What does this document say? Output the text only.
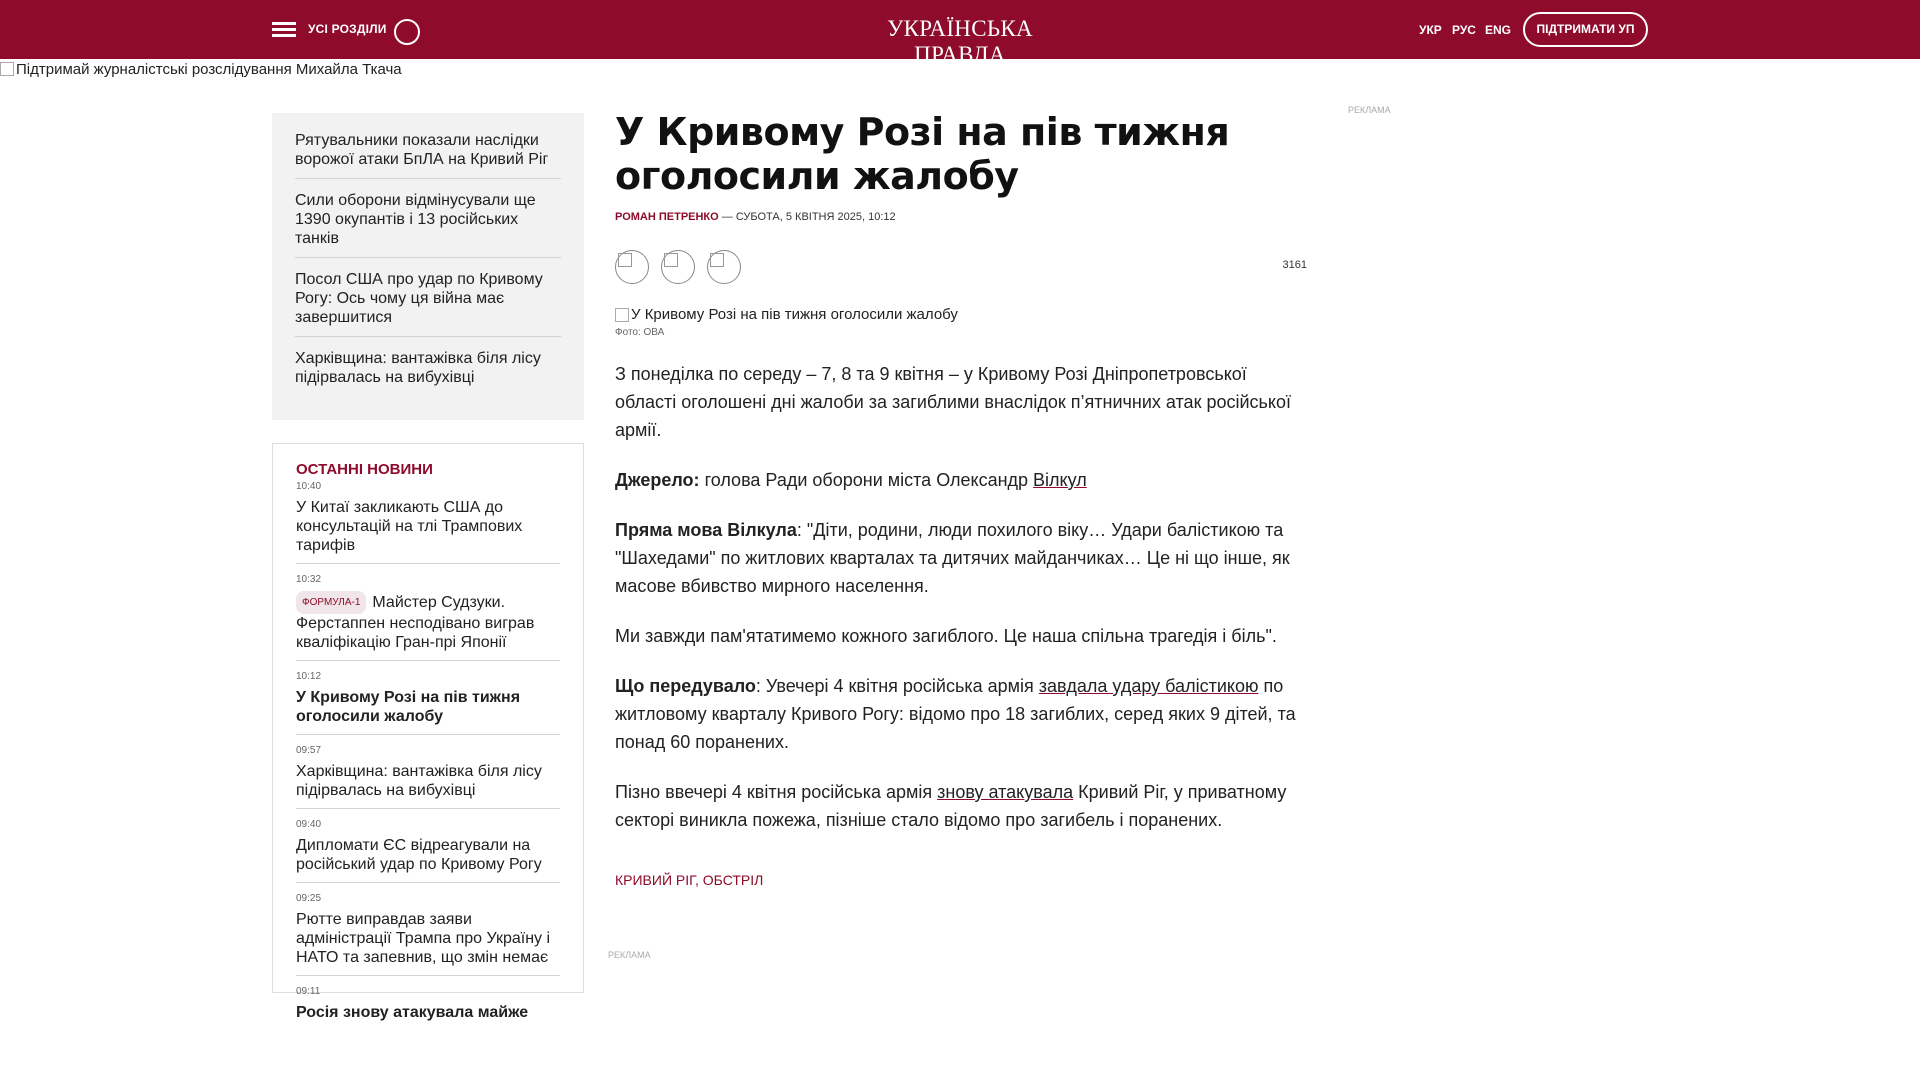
УСІ РОЗДІЛИ	УКРАЇНСЬКА ПРАВДА
УКР РУС ENG	ПІДТРИМАТИ УП
Підтримай журналістські розслідування Михайла Ткача
Рятувальники показали наслідки ворожої атаки БпЛА на Кривий Ріг
Сили оборони відмінусували ще 1390 окупантів і 13 російських танків
Посол США про удар по Кривому Рогу: Ось чому ця війна має завершитися
Харківщина: вантажівка біля лісу підірвалась на вибухівці
ОСТАННІ НОВИНИ
10:40
У Китаї закликають США до консультацій на тлі Трампових тарифів
10:32
ФОРМУЛА-1 Майстер Судзуки. Ферстаппен несподівано виграв кваліфікацію Гран-прі Японії
10:12
У Кривому Розі на пів тижня оголосили жалобу
09:57
Харківщина: вантажівка біля лісу підірвалась на вибухівці
09:40
Дипломати ЄС відреагували на російський удар по Кривому Рогу
09:25
Рютте виправдав заяви адміністрації Трампа про Україну і НАТО та запевнив, що змін немає
09:11
Росія знову атакувала майже
У Кривому Розі на пів тижня оголосили жалобу
РОМАН ПЕТРЕНКО — СУБОТА, 5 КВІТНЯ 2025, 10:12
3161
У Кривому Розі на пів тижня оголосили жалобу
Фото: ОВА

З понеділка по середу – 7, 8 та 9 квітня – у Кривому Розі Дніпропетровської області оголошені дні жалоби за загиблими внаслідок п’ятничних атак російської армії.

Джерело: голова Ради оборони міста Олександр Вілкул

Пряма мова Вілкула: "Діти, родини, люди похилого віку… Удари балістикою та "Шахедами" по житлових кварталах та дитячих майданчиках… Це ні що інше, як масове вбивство мирного населення.

Ми завжди пам'ятатимемо кожного загиблого. Це наша спільна трагедія і біль".

Що передувало: Увечері 4 квітня російська армія завдала удару балістикою по житловому кварталу Кривого Рогу: відомо про 18 загиблих, серед яких 9 дітей, та понад 60 поранених.

Пізно ввечері 4 квітня російська армія знову атакувала Кривий Ріг, у приватному секторі виникла пожежа, пізніше стало відомо про загибель і поранених.

КРИВИЙ РІГ, ОБСТРІЛ
РЕКЛАМА
РЕКЛАМА
